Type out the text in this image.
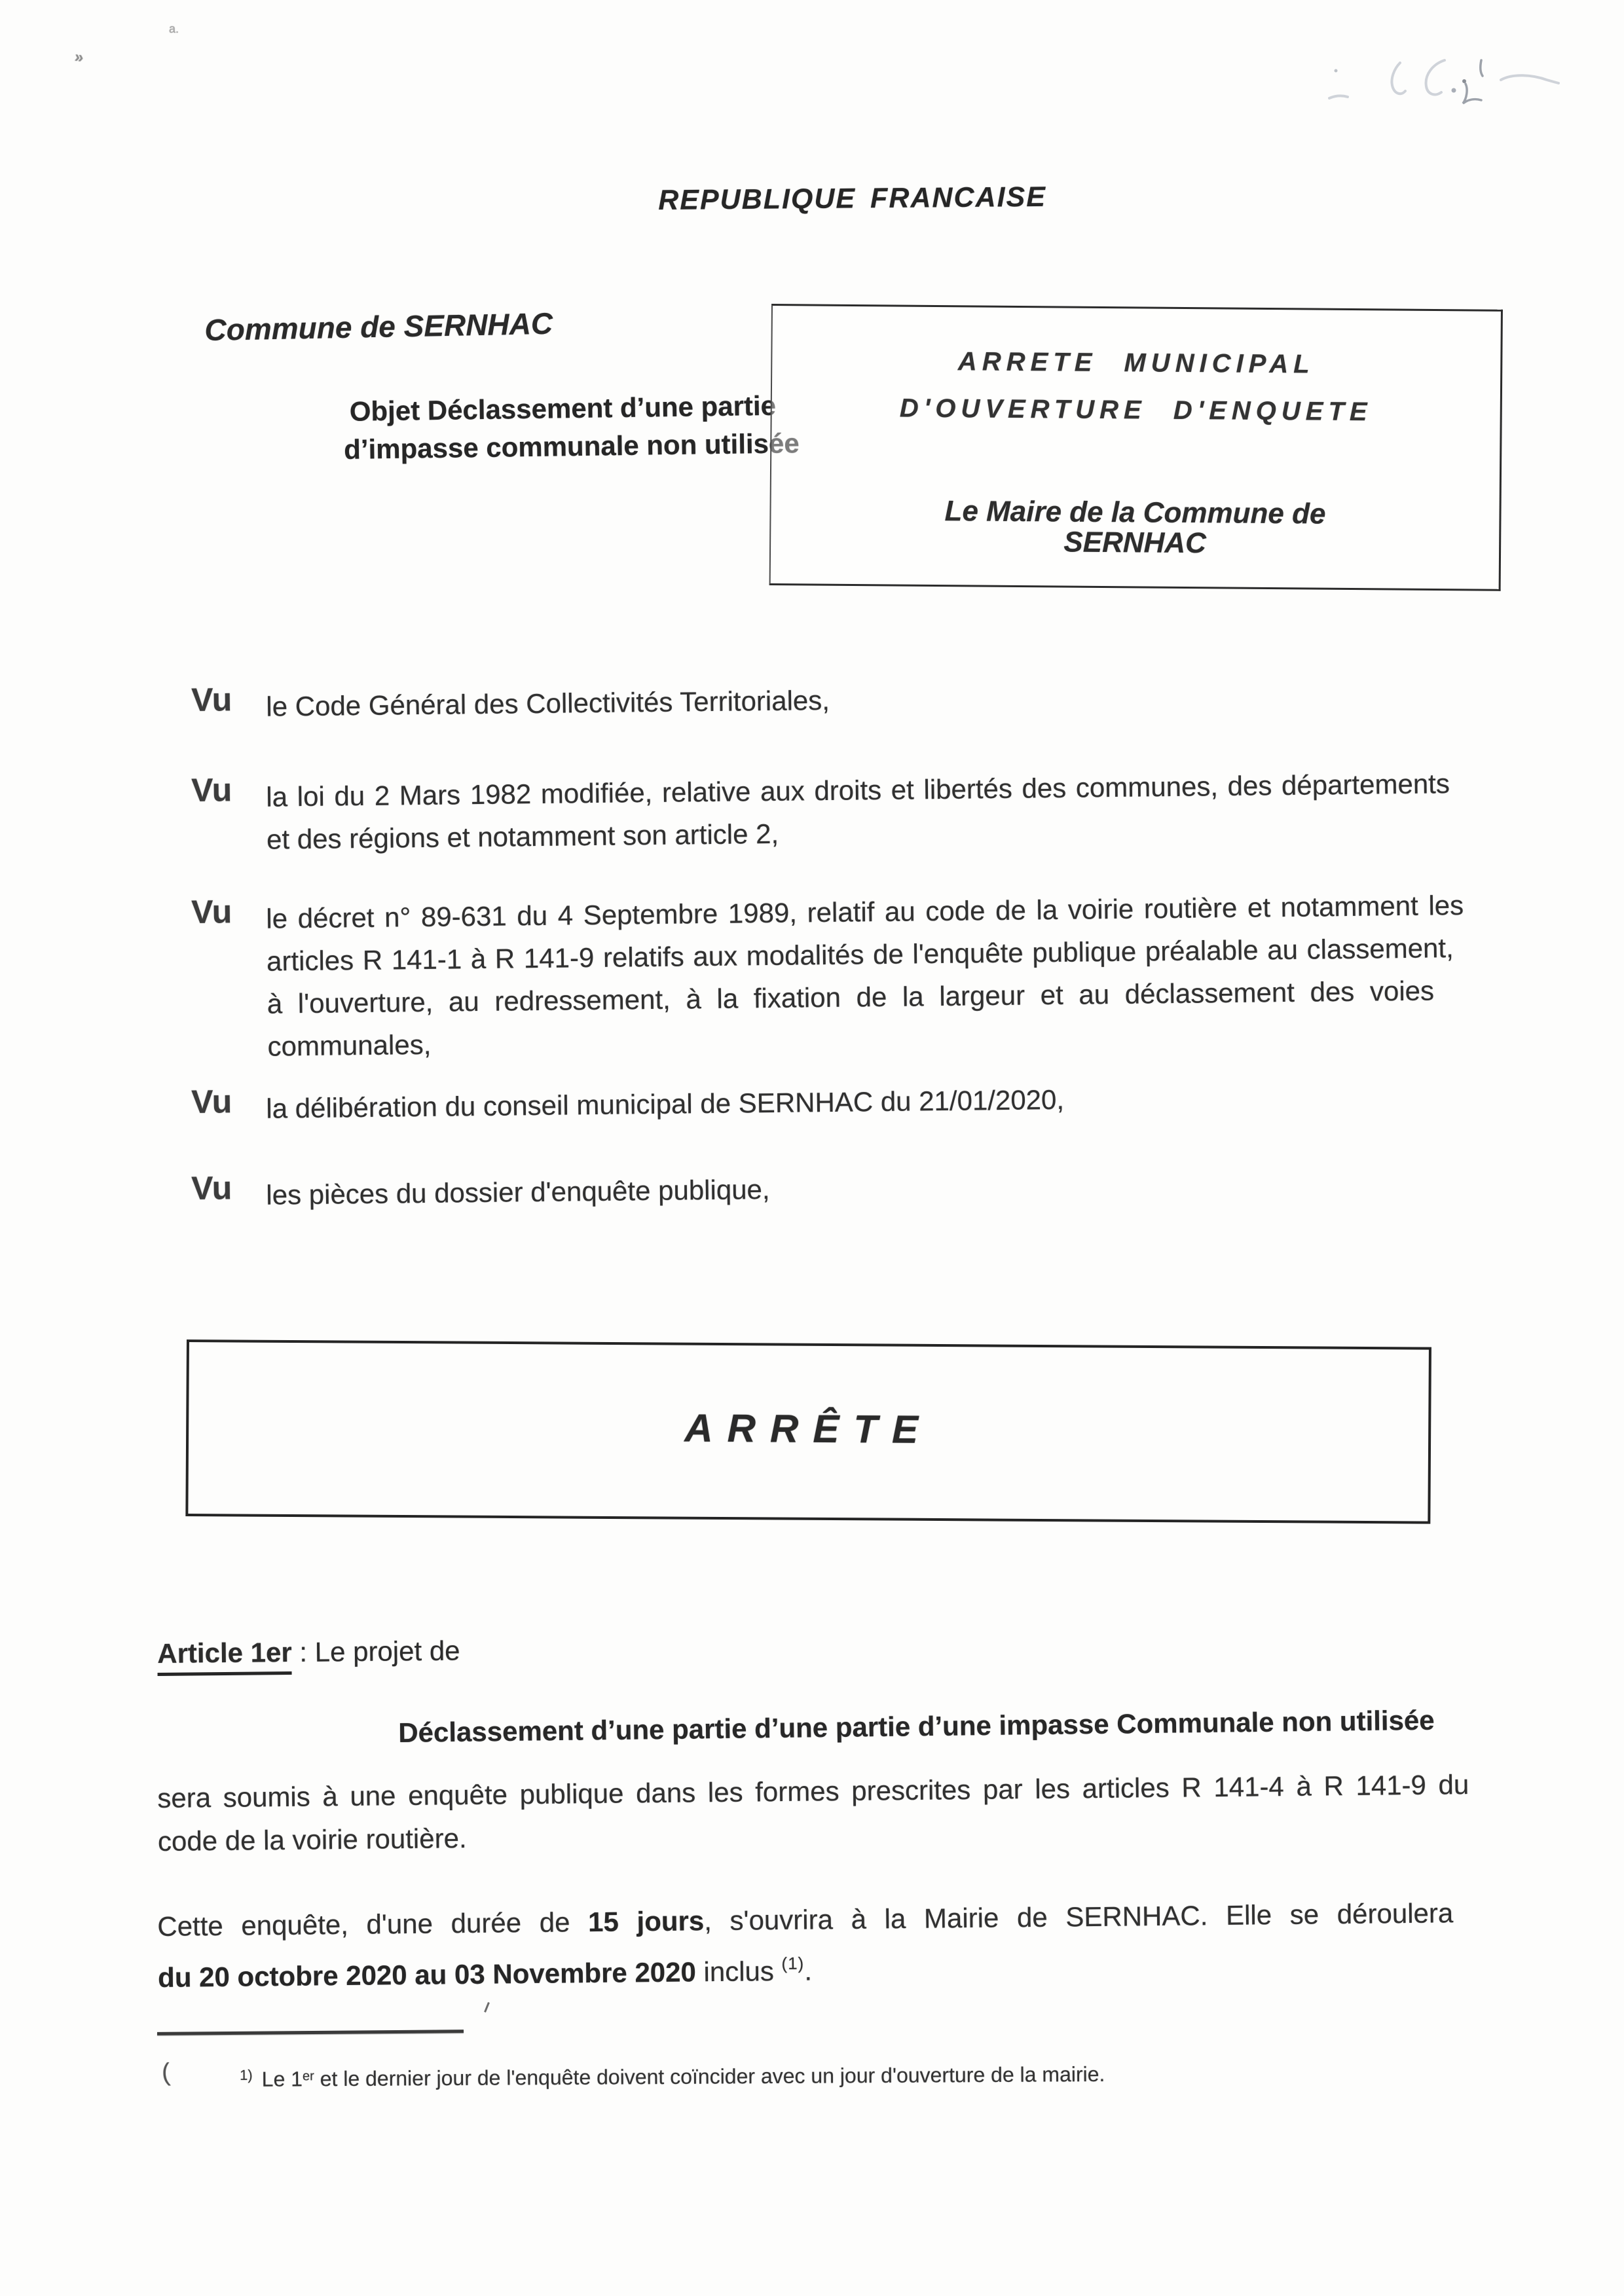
a.
»
REPUBLIQUE FRANCAISE
Commune de SERNHAC
Objet Déclassement d’une partie
d’impasse communale non utilisée
ARRETE MUNICIPAL
D'OUVERTURE D'ENQUETE
Le Maire de la Commune de
SERNHAC
Vu le Code Général des Collectivités Territoriales,
Vu la loi du 2 Mars 1982 modifiée, relative aux droits et libertés des communes, des départements
et des régions et notamment son article 2,
Vu le décret n° 89-631 du 4 Septembre 1989, relatif au code de la voirie routière et notamment les
articles R 141-1 à R 141-9 relatifs aux modalités de l'enquête publique préalable au classement,
à l'ouverture, au redressement, à la fixation de la largeur et au déclassement des voies
communales,
Vu la délibération du conseil municipal de SERNHAC du 21/01/2020,
Vu les pièces du dossier d'enquête publique,
ARRÊTE
Article 1er : Le projet de
Déclassement d’une partie d’une partie d’une impasse Communale non utilisée
sera soumis à une enquête publique dans les formes prescrites par les articles R 141-4 à R 141-9 du
code de la voirie routière.
Cette enquête, d'une durée de 15 jours, s'ouvrira à la Mairie de SERNHAC. Elle se déroulera
du 20 octobre 2020 au 03 Novembre 2020 inclus $^{(1)}$.
(	$^{1)}$ Le 1er et le dernier jour de l'enquête doivent coïncider avec un jour d'ouverture de la mairie.
